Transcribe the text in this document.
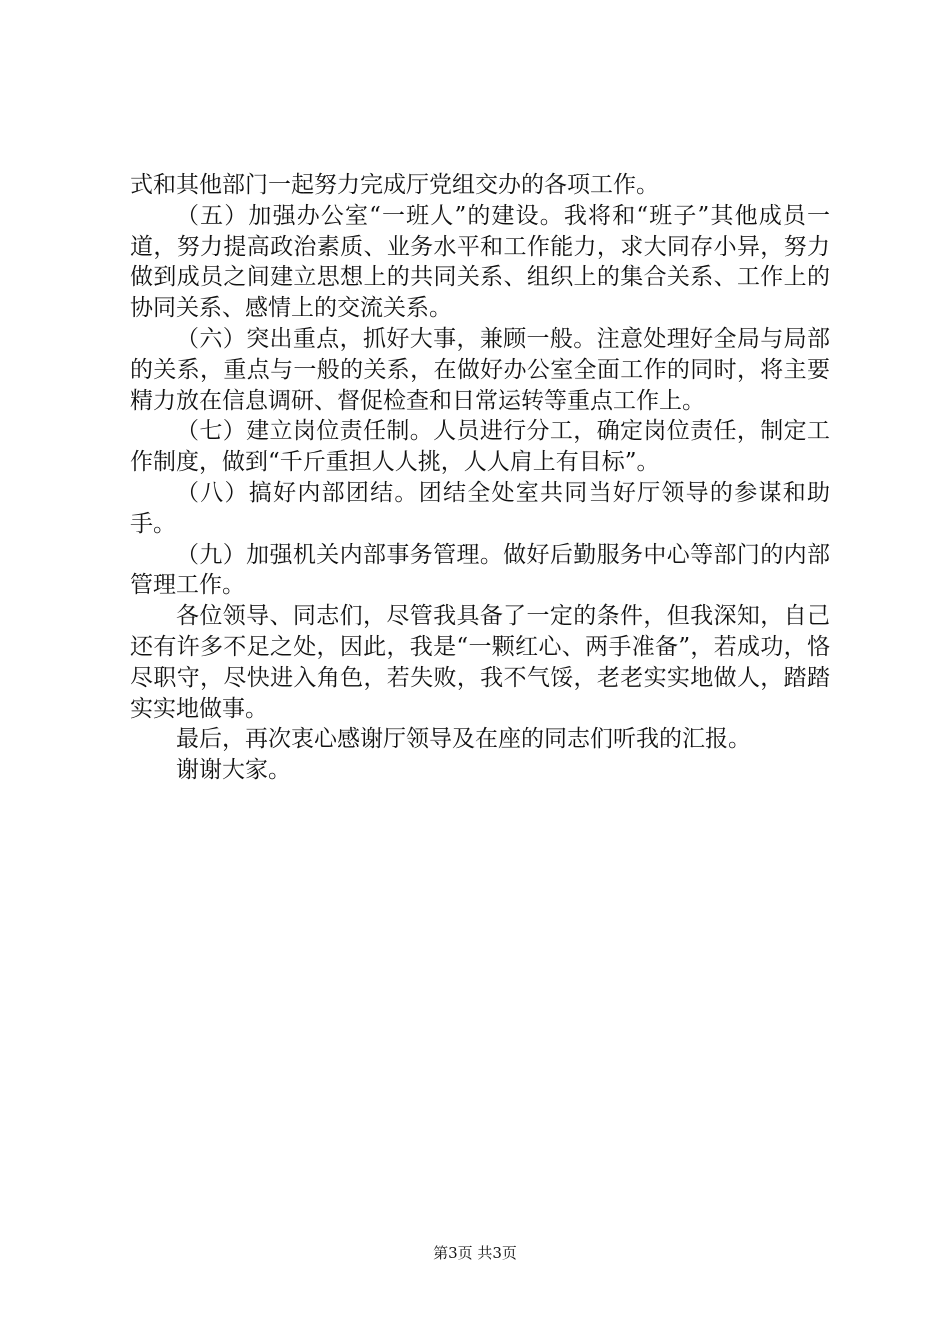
式和其他部门一起努力完成厅党组交办的各项工作。

（五）加强办公室“一班人”的建设。我将和“班子”其他成员一道，努力提高政治素质、业务水平和工作能力，求大同存小异，努力做到成员之间建立思想上的共同关系、组织上的集合关系、工作上的协同关系、感情上的交流关系。

（六）突出重点，抓好大事，兼顾一般。注意处理好全局与局部的关系，重点与一般的关系，在做好办公室全面工作的同时，将主要精力放在信息调研、督促检查和日常运转等重点工作上。

（七）建立岗位责任制。人员进行分工，确定岗位责任，制定工作制度，做到“千斤重担人人挑，人人肩上有目标”。

（八）搞好内部团结。团结全处室共同当好厅领导的参谋和助手。

（九）加强机关内部事务管理。做好后勤服务中心等部门的内部管理工作。

各位领导、同志们，尽管我具备了一定的条件，但我深知，自己还有许多不足之处，因此，我是“一颗红心、两手准备”，若成功，恪尽职守，尽快进入角色，若失败，我不气馁，老老实实地做人，踏踏实实地做事。

最后，再次衷心感谢厅领导及在座的同志们听我的汇报。

谢谢大家。

第3页 共3页
